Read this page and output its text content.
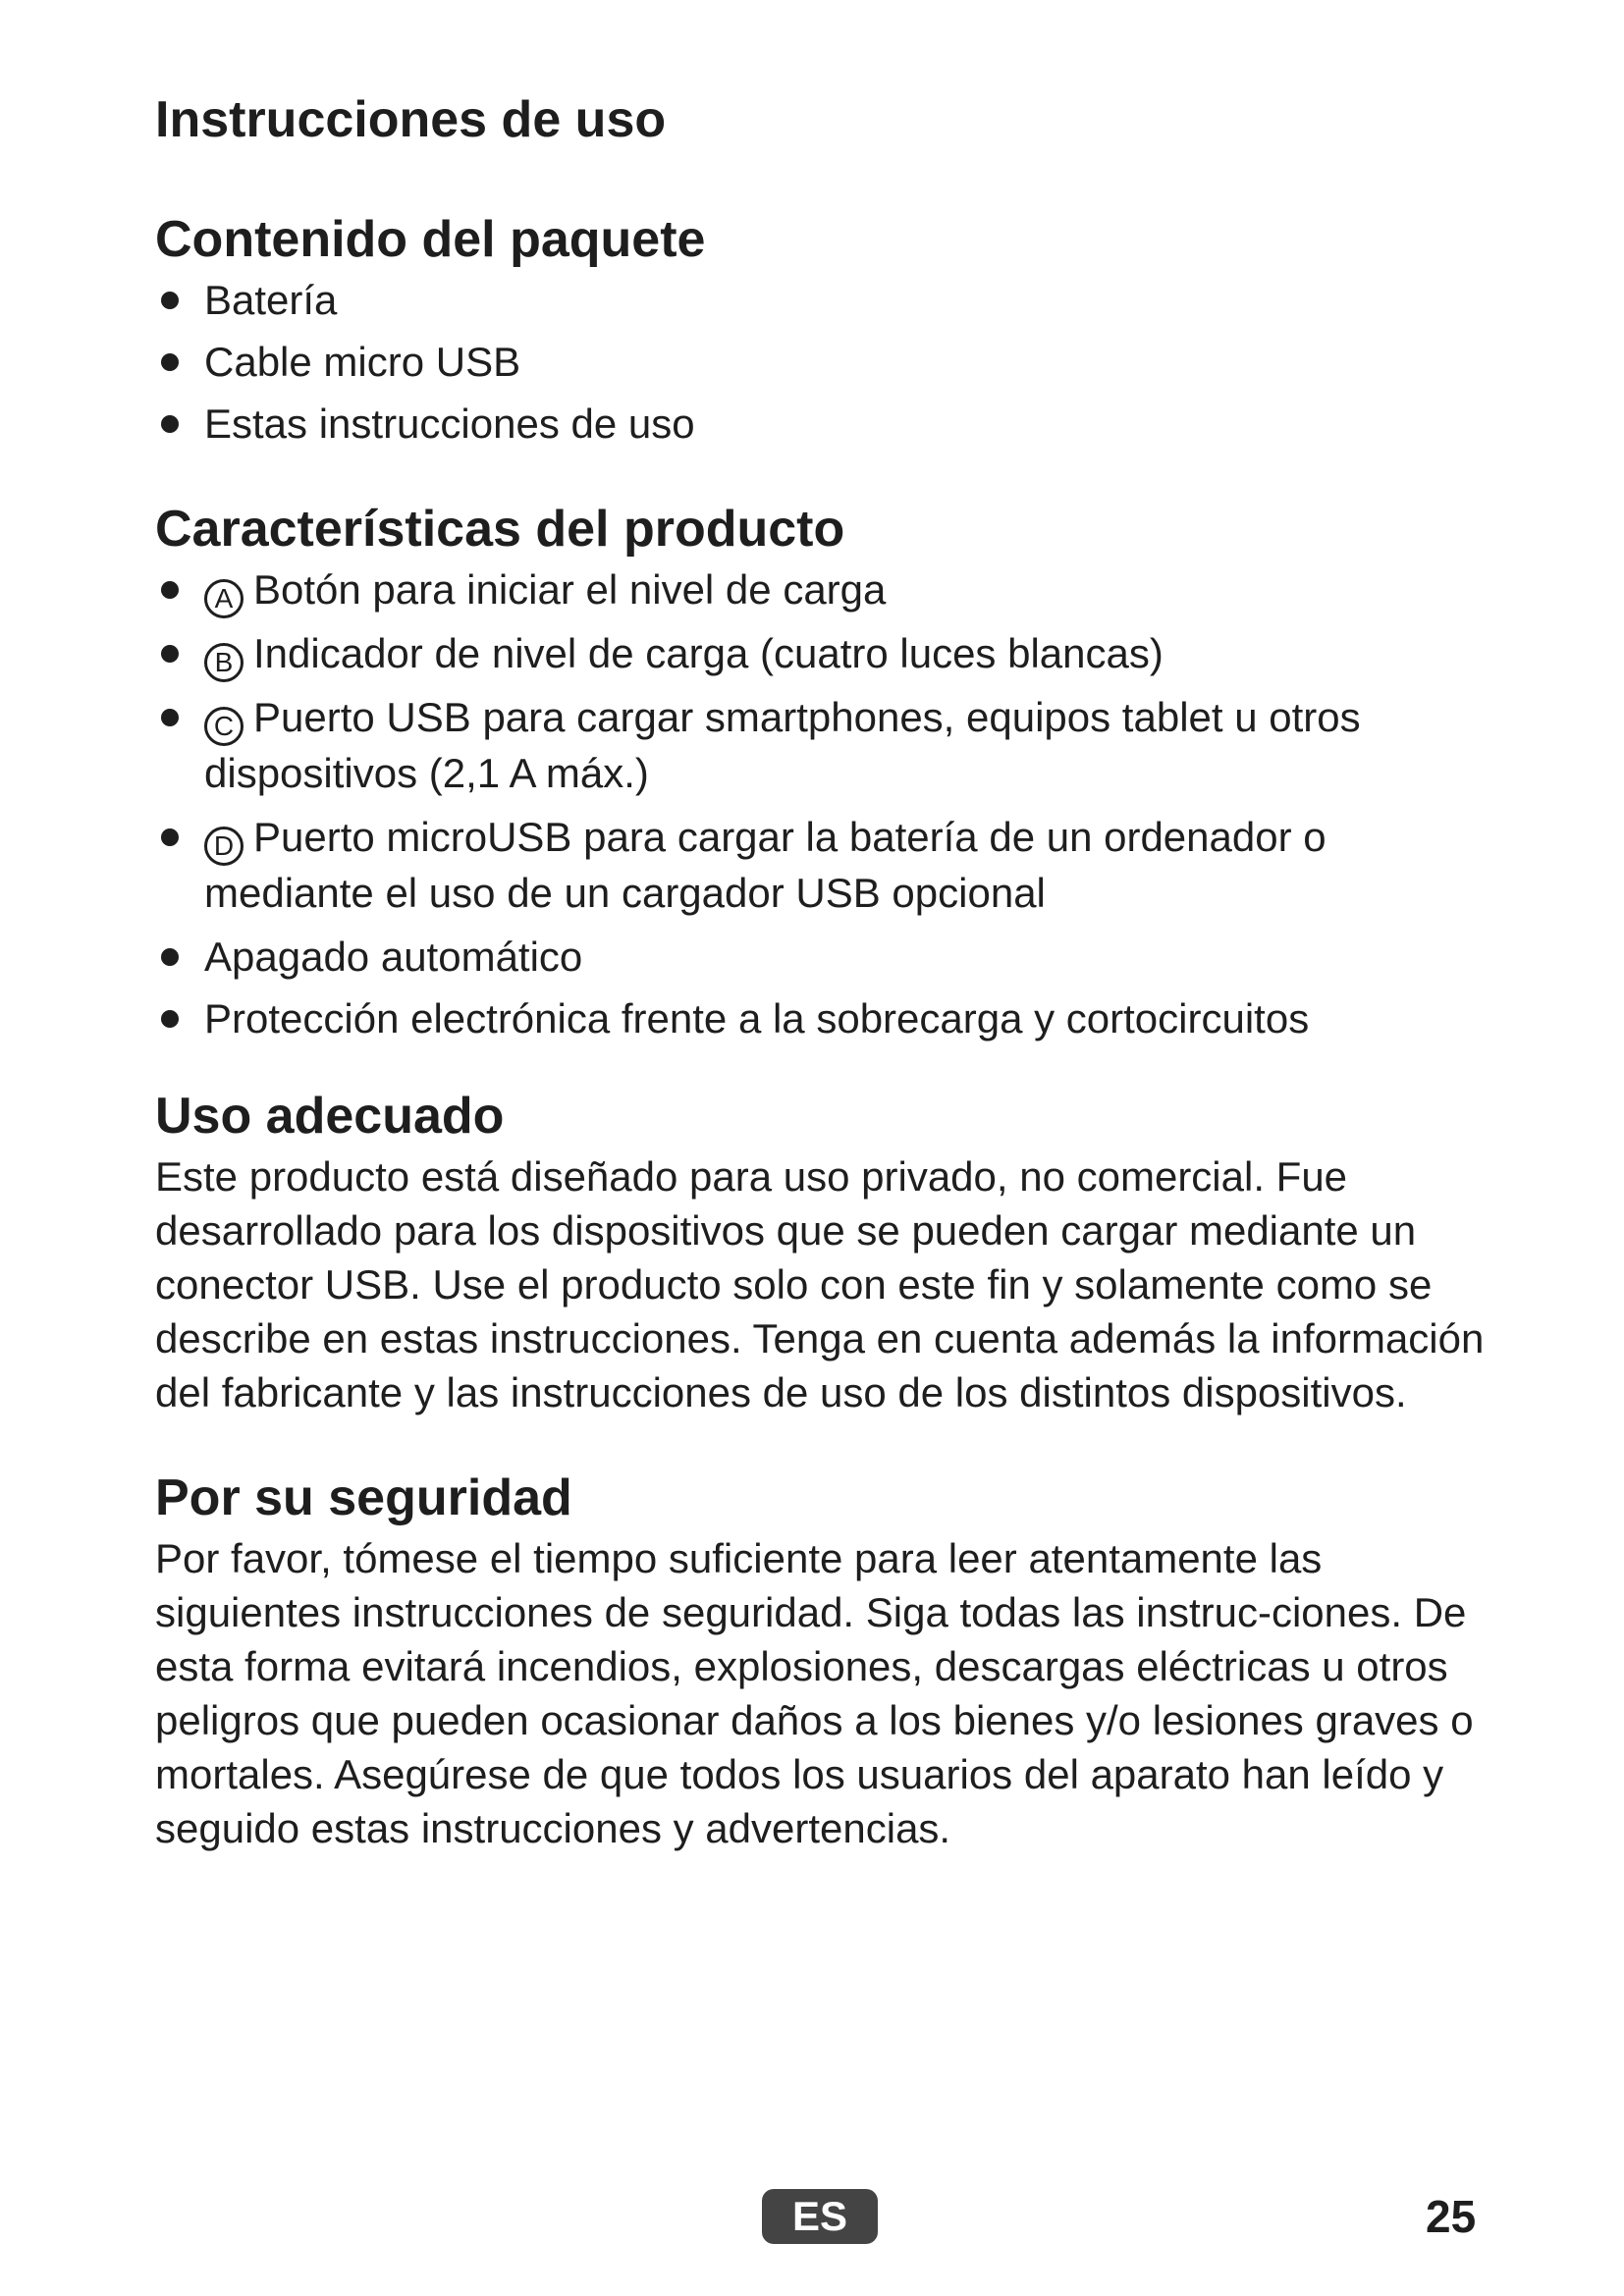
Instrucciones de uso
Contenido del paquete
Batería
Cable micro USB
Estas instrucciones de uso
Características del producto
A Botón para iniciar el nivel de carga
B Indicador de nivel de carga (cuatro luces blancas)
C Puerto USB para cargar smartphones, equipos tablet u otros dispositivos (2,1 A máx.)
D Puerto microUSB para cargar la batería de un ordenador o mediante el uso de un cargador USB opcional
Apagado automático
Protección electrónica frente a la sobrecarga y cortocircuitos
Uso adecuado

Este producto está diseñado para uso privado, no comercial. Fue desarrollado para los dispositivos que se pueden cargar mediante un conector USB. Use el producto solo con este fin y solamente como se describe en estas instrucciones. Tenga en cuenta además la información del fabricante y las instrucciones de uso de los distintos dispositivos.

Por su seguridad

Por favor, tómese el tiempo suficiente para leer atentamente las siguientes instrucciones de seguridad. Siga todas las instruc-ciones. De esta forma evitará incendios, explosiones, descargas eléctricas u otros peligros que pueden ocasionar daños a los bienes y/o lesiones graves o mortales. Asegúrese de que todos los usuarios del aparato han leído y seguido estas instrucciones y advertencias.

ES	25
